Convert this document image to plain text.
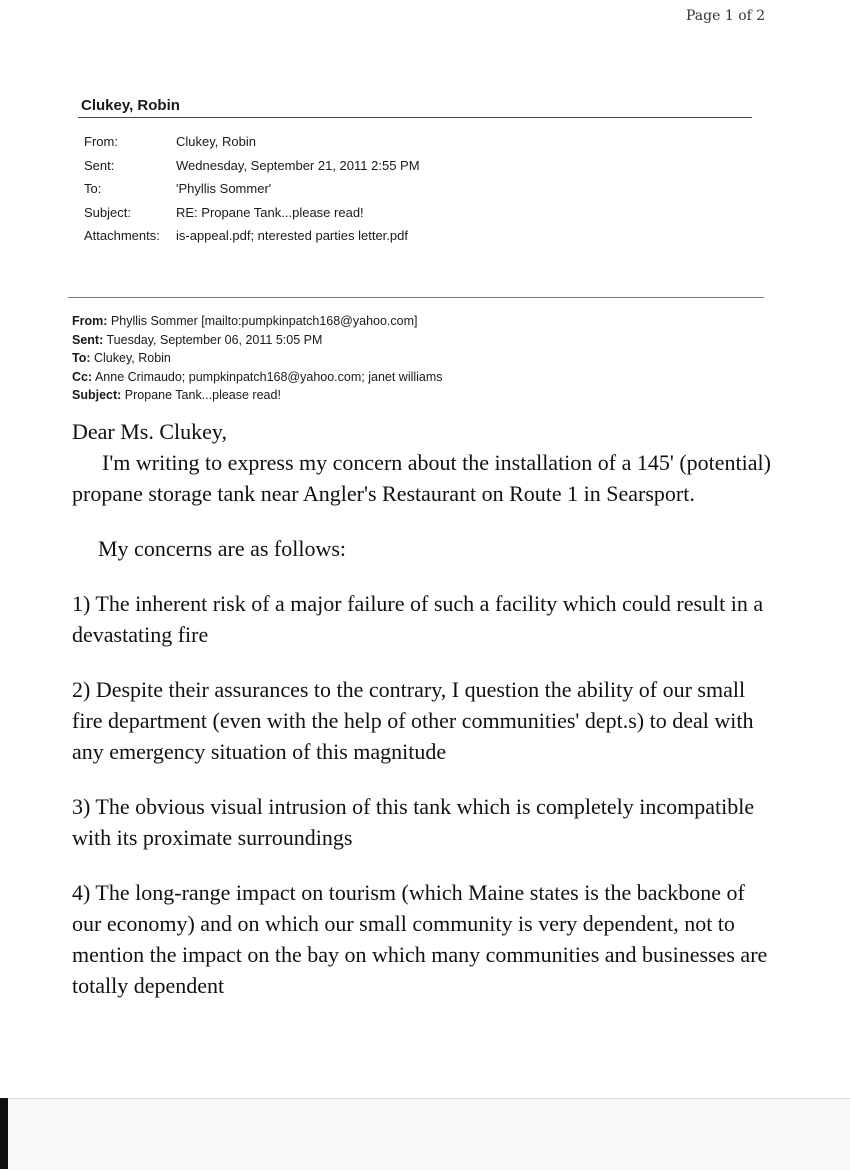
Page 1 of 2
Clukey, Robin
From:	Clukey, Robin
Sent:	Wednesday, September 21, 2011 2:55 PM
To:	'Phyllis Sommer'
Subject:	RE: Propane Tank...please read!
Attachments:	is-appeal.pdf; nterested parties letter.pdf
From: Phyllis Sommer [mailto:pumpkinpatch168@yahoo.com]
Sent: Tuesday, September 06, 2011 5:05 PM
To: Clukey, Robin
Cc: Anne Crimaudo; pumpkinpatch168@yahoo.com; janet williams
Subject: Propane Tank...please read!

Dear Ms. Clukey,

I'm writing to express my concern about the installation of a 145' (potential) propane storage tank near Angler's Restaurant on Route 1 in Searsport.

My concerns are as follows:

1) The inherent risk of a major failure of such a facility which could result in a devastating fire

2) Despite their assurances to the contrary, I question the ability of our small fire department (even with the help of other communities' dept.s) to deal with any emergency situation of this magnitude

3) The obvious visual intrusion of this tank which is completely incompatible with its proximate surroundings

4) The long-range impact on tourism (which Maine states is the backbone of our economy) and on which our small community is very dependent, not to mention the impact on the bay on which many communities and businesses are totally dependent
